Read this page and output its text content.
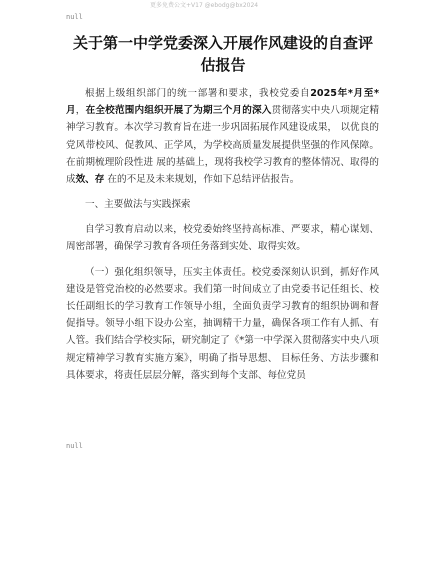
更多免费公文+V17 @ebodg@bx2024
null
关于第一中学党委深入开展作风建设的自查评估报告

根据上级组织部门的统一部署和要求，我校党委自2025年*月至*月，在全校范围内组织开展了为期三个月的深入贯彻落实中央八项规定精神学习教育。本次学习教育旨在进一步巩固拓展作风建设成果， 以优良的党风带校风、促教风、正学风，为学校高质量发展提供坚强的作风保障。在前期梳理阶段性进 展的基础上，现将我校学习教育的整体情况、取得的成效、存 在的不足及未来规划，作如下总结评估报告。

一、主要做法与实践探索

自学习教育启动以来，校党委始终坚持高标准、严要求，精心谋划、周密部署，确保学习教育各项任务落到实处、取得实效。

（一）强化组织领导，压实主体责任。校党委深刻认识到，抓好作风建设是管党治校的必然要求。我们第一时间成立了由党委书记任组长、校长任副组长的学习教育工作领导小组，全面负责学习教育的组织协调和督促指导。领导小组下设办公室，抽调精干力量，确保各项工作有人抓、有人管。我们结合学校实际，研究制定了《*第一中学深入贯彻落实中央八项规定精神学习教育实施方案》，明确了指导思想、 目标任务、方法步骤和具体要求，将责任层层分解，落实到每个支部、每位党员

null
